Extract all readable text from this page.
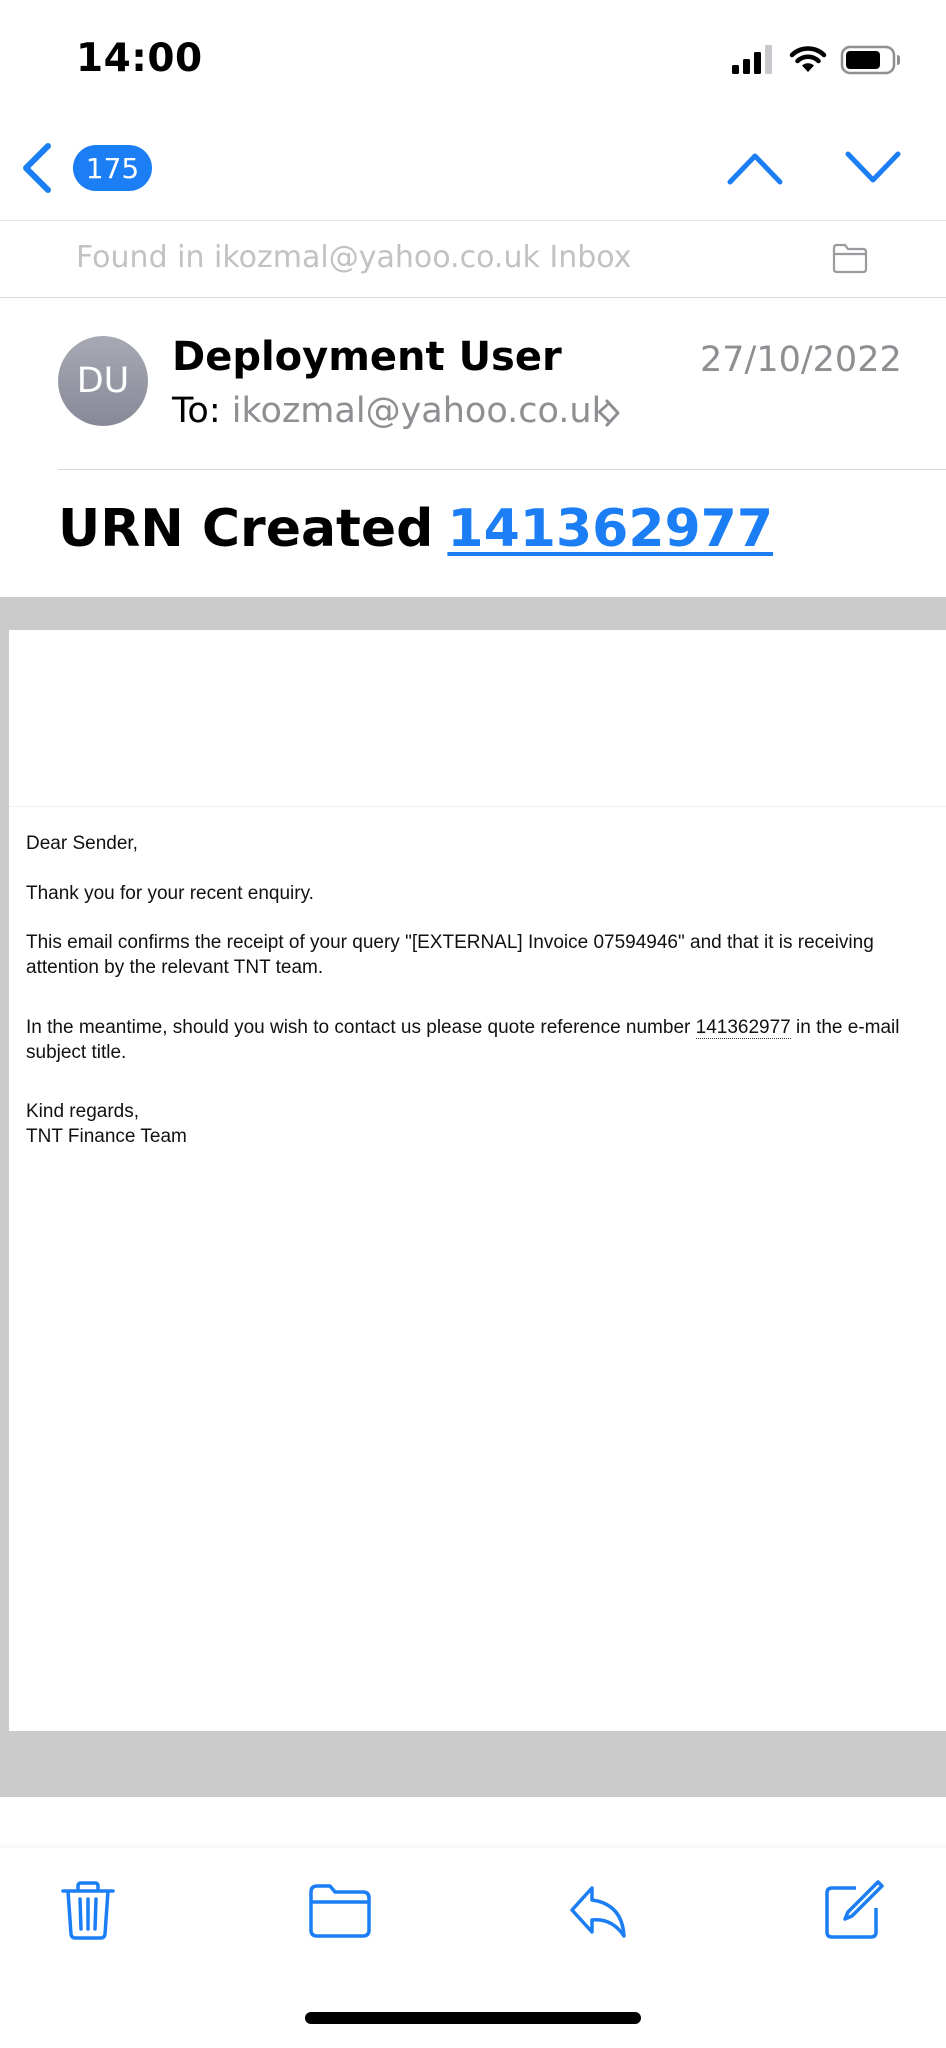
14:00
175
Found in ikozmal@yahoo.co.uk Inbox
DU
Deployment User	27/10/2022
To: ikozmal@yahoo.co.uk
URN Created 141362977
Dear Sender,
Thank you for your recent enquiry.
This email confirms the receipt of your query "[EXTERNAL] Invoice 07594946" and that it is receiving attention by the relevant TNT team.
In the meantime, should you wish to contact us please quote reference number 141362977 in the e-mail subject title.
Kind regards,
TNT Finance Team
